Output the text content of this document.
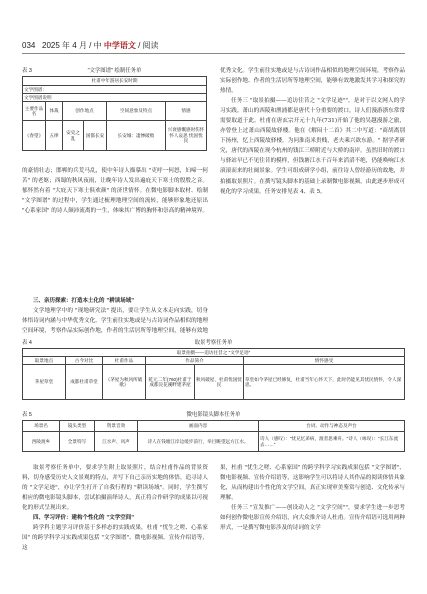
034 2025 年 4 月 / 中 中学语文 / 阅读
表 3	"文学图谱" 绘制任务单
杜甫中年游居长安时期					
文学图谱：					
文学图谱说明					
主要作品名	体裁	创作地点		空间意象及特点	情感
《春望》	五律	安史之乱	国都长安	长安城：凄惨破败	兴衰感慨感时伤怀 怀人哀思 忧国忧民

的豪情壮志；邯郸的兵荒马乱，使中年诗人描摹出 "吏呼一何怒，妇啼一何苦" 的老妪；西蜀的秋风夜雨，让晚年诗人发出遍庇天下寒士的殷殷之音。郁怀然有着 "大庇天下寒士俱欢颜" 的济世情怀。在微电影脚本取材、绘制 "文学图谱" 的过程中，学生通过梳理地理空间的流转，能够形象地还原出 "心系家国" 的诗人颠沛流离的一生，体味其广博的胸怀和崇高的精神境界。

三、亲历探索：打造本土化的 "耕读场域"

文学地理学中的 "现地研究法" 提出，要让学生从文本走向实践，切身体悟诗词内涵与中华优秀文化。学生前往实地或是与古诗词作品相似的地理空间环境，考察作品实际创作地，作者的生活居所等地理空间，能够有效地

优秀文化。学生前往实地或是与古诗词作品相似的地理空间环境，考察作品实际创作地、作者的生活居所等地理空间，能够有效地激发其学习和探究的热情。

任务三 "取景拍摄——追访往昔之 "文学足迹""，是对于以文网人的学习实践。萧山的西陵和渔浦都是唐代十分重要的渡口，诗人们漫游浙东常常需要取道于此。杜甫在唐玄宗开元十九年(731)开始了他的吴越漫游之旅，亦曾登上过萧山西陵故驿楼。他在《解闷十二首》其二中写道："商胡离别下扬州，忆上西陵故驿楼。为问淮南米贵贱，老夫乘兴欲东游。" 据学者研究，唐代的西陵在现今杭州的钱江三桥附近与大桥的南岸。虽然旧时的渡口与驿站早已不见往昔的模样，但钱塘江水千百年来滔滔不绝，仍能唤响江水滚滚而来的壮阔景象。学生可组成研学小组，前往诗人曾经游历的故地，并拍摄取景照片。在撰写镜头脚本的基础上录制微电影视频，由此逐步形成可视化的学习成果。任务安排见表 4、表 5。

表 4	取景考察任务单
取景拍摄——追访往昔之 "文学足迹"					
取景地点	古今对比	杜甫作品	作品简介		情怀感受
茅屋草堂	成都杜甫草堂	《茅屋为秋风所破歌》	乾元二年(760)杜甫于成都浣花溪畔建茅屋	秋风破屋，杜甫忧国忧民	草堂如今茅屋已经修复，杜甫当年心怀天下，此时仍能见其忧民情怀，令人深思。
表 5	微电影镜头脚本任务单
场景名	镜头类型	资景音效	画面内容	台词、动作与神态及声台
西陵渡乡	全景特写	江水声、风声	诗人在钱塘江岸边缓步前行，举目眺望远方江水。	诗人（感叹）："忧兄忆弟病，渡者思乘舟。"诗人（咏叹）："长江东流去……"

取景考察任务单中，要求学生附上取景照片，结合杜甫作品的背景资料，切身感受历史人文景观的特点，并写下自己亲历实地的体悟。追寻诗人的 "文学足迹"，亦让学生打开了自我行程的 "耕读场域"。同时，学生撰写相应的微电影镜头脚本，尝试拍摄演绎诗人，真正将合作研学的成果以可视化的形式呈现出来。

四、学习评价：建构个性化的 "文学空间"

跨学科主题学习评价基于多样态的实践成果，杜甫 "忧生之嗟、心系家国" 的跨学科学习实践成果包括 "文学图谱"、微电影视频、宣传介绍语等，这

果，杜甫 "忧生之嗟、心系家国" 的跨学科学习实践成果包括 "文学图谱"、微电影视频、宣传介绍语等，这影响学生可以将诗人其作品的阅读体悟具象化，从而构建出个性化的文学空间，真正实现审美鉴赏与创造、文化传承与理解。

任务三 "宣发推广——创设动人之 "文学空间""，要求学生进一步思考如何创作微电影宣传介绍语，向大众推介诗人杜甫。宣传介绍语可选用两种形式，一是撰写微电影涉及的诗词的文学
